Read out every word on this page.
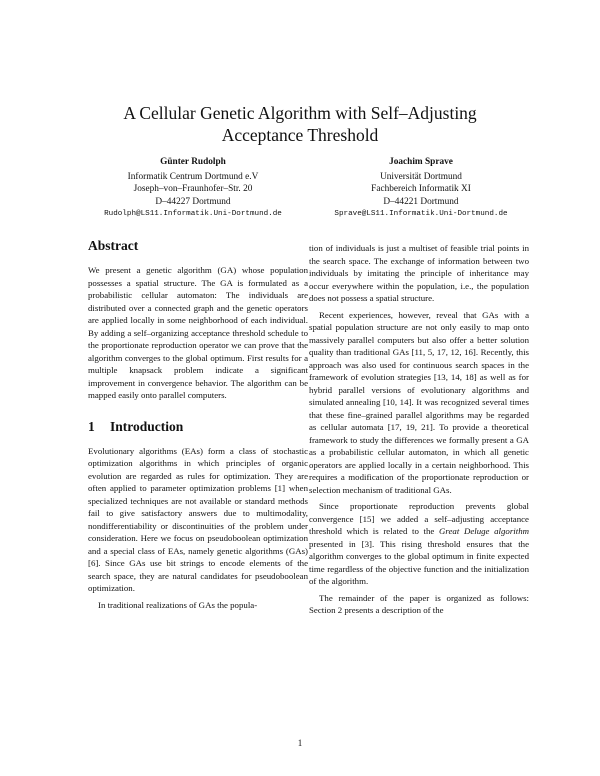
A Cellular Genetic Algorithm with Self–Adjusting
Acceptance Threshold
Günter Rudolph
Informatik Centrum Dortmund e.V
Joseph–von–Fraunhofer–Str. 20
D–44227 Dortmund
Rudolph@LS11.Informatik.Uni-Dortmund.de
Joachim Sprave
Universität Dortmund
Fachbereich Informatik XI
D–44221 Dortmund
Sprave@LS11.Informatik.Uni-Dortmund.de
Abstract

We present a genetic algorithm (GA) whose population possesses a spatial structure. The GA is formulated as a probabilistic cellular automaton: The individuals are distributed over a connected graph and the genetic operators are applied locally in some neighborhood of each individual. By adding a self–organizing acceptance threshold schedule to the proportionate reproduction operator we can prove that the algorithm converges to the global optimum. First results for a multiple knapsack problem indicate a significant improvement in convergence behavior. The algorithm can be mapped easily onto parallel computers.

1 Introduction

Evolutionary algorithms (EAs) form a class of stochastic optimization algorithms in which principles of organic evolution are regarded as rules for optimization. They are often applied to parameter optimization problems [1] when specialized techniques are not available or standard methods fail to give satisfactory answers due to multimodality, nondifferentiability or discontinuities of the problem under consideration. Here we focus on pseudoboolean optimization and a special class of EAs, namely genetic algorithms (GAs) [6]. Since GAs use bit strings to encode elements of the search space, they are natural candidates for pseudoboolean optimization.

In traditional realizations of GAs the popula-

tion of individuals is just a multiset of feasible trial points in the search space. The exchange of information between two individuals by imitating the principle of inheritance may occur everywhere within the population, i.e., the population does not possess a spatial structure.

Recent experiences, however, reveal that GAs with a spatial population structure are not only easily to map onto massively parallel computers but also offer a better solution quality than traditional GAs [11, 5, 17, 12, 16]. Recently, this approach was also used for continuous search spaces in the framework of evolution strategies [13, 14, 18] as well as for hybrid parallel versions of evolutionary algorithms and simulated annealing [10, 14]. It was recognized several times that these fine–grained parallel algorithms may be regarded as cellular automata [17, 19, 21]. To provide a theoretical framework to study the differences we formally present a GA as a probabilistic cellular automaton, in which all genetic operators are applied locally in a certain neighborhood. This requires a modification of the proportionate reproduction or selection mechanism of traditional GAs.

Since proportionate reproduction prevents global convergence [15] we added a self–adjusting acceptance threshold which is related to the Great Deluge algorithm presented in [3]. This rising threshold ensures that the algorithm converges to the global optimum in finite expected time regardless of the objective function and the initialization of the algorithm.

The remainder of the paper is organized as follows: Section 2 presents a description of the

1
